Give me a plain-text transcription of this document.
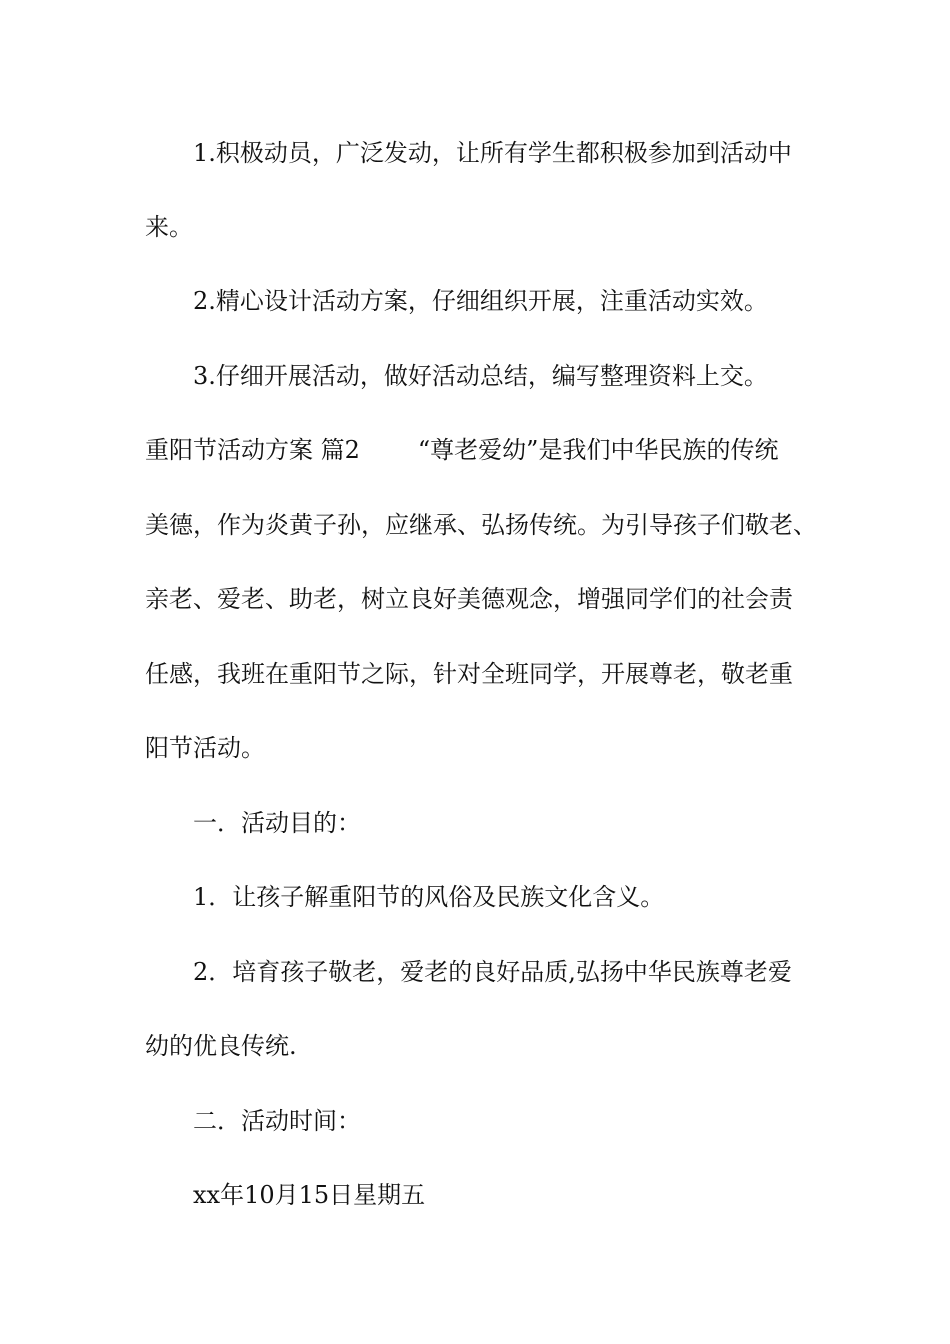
1.积极动员，广泛发动，让所有学生都积极参加到活动中
来。
2.精心设计活动方案，仔细组织开展，注重活动实效。
3.仔细开展活动，做好活动总结，编写整理资料上交。
重阳节活动方案 篇2 “尊老爱幼”是我们中华民族的传统
美德，作为炎黄子孙，应继承、弘扬传统。为引导孩子们敬老、
亲老、爱老、助老，树立良好美德观念，增强同学们的社会责
任感，我班在重阳节之际，针对全班同学，开展尊老，敬老重
阳节活动。
一．活动目的：
1．让孩子解重阳节的风俗及民族文化含义。
2．培育孩子敬老，爱老的良好品质,弘扬中华民族尊老爱
幼的优良传统.
二．活动时间：
xx年10月15日星期五
